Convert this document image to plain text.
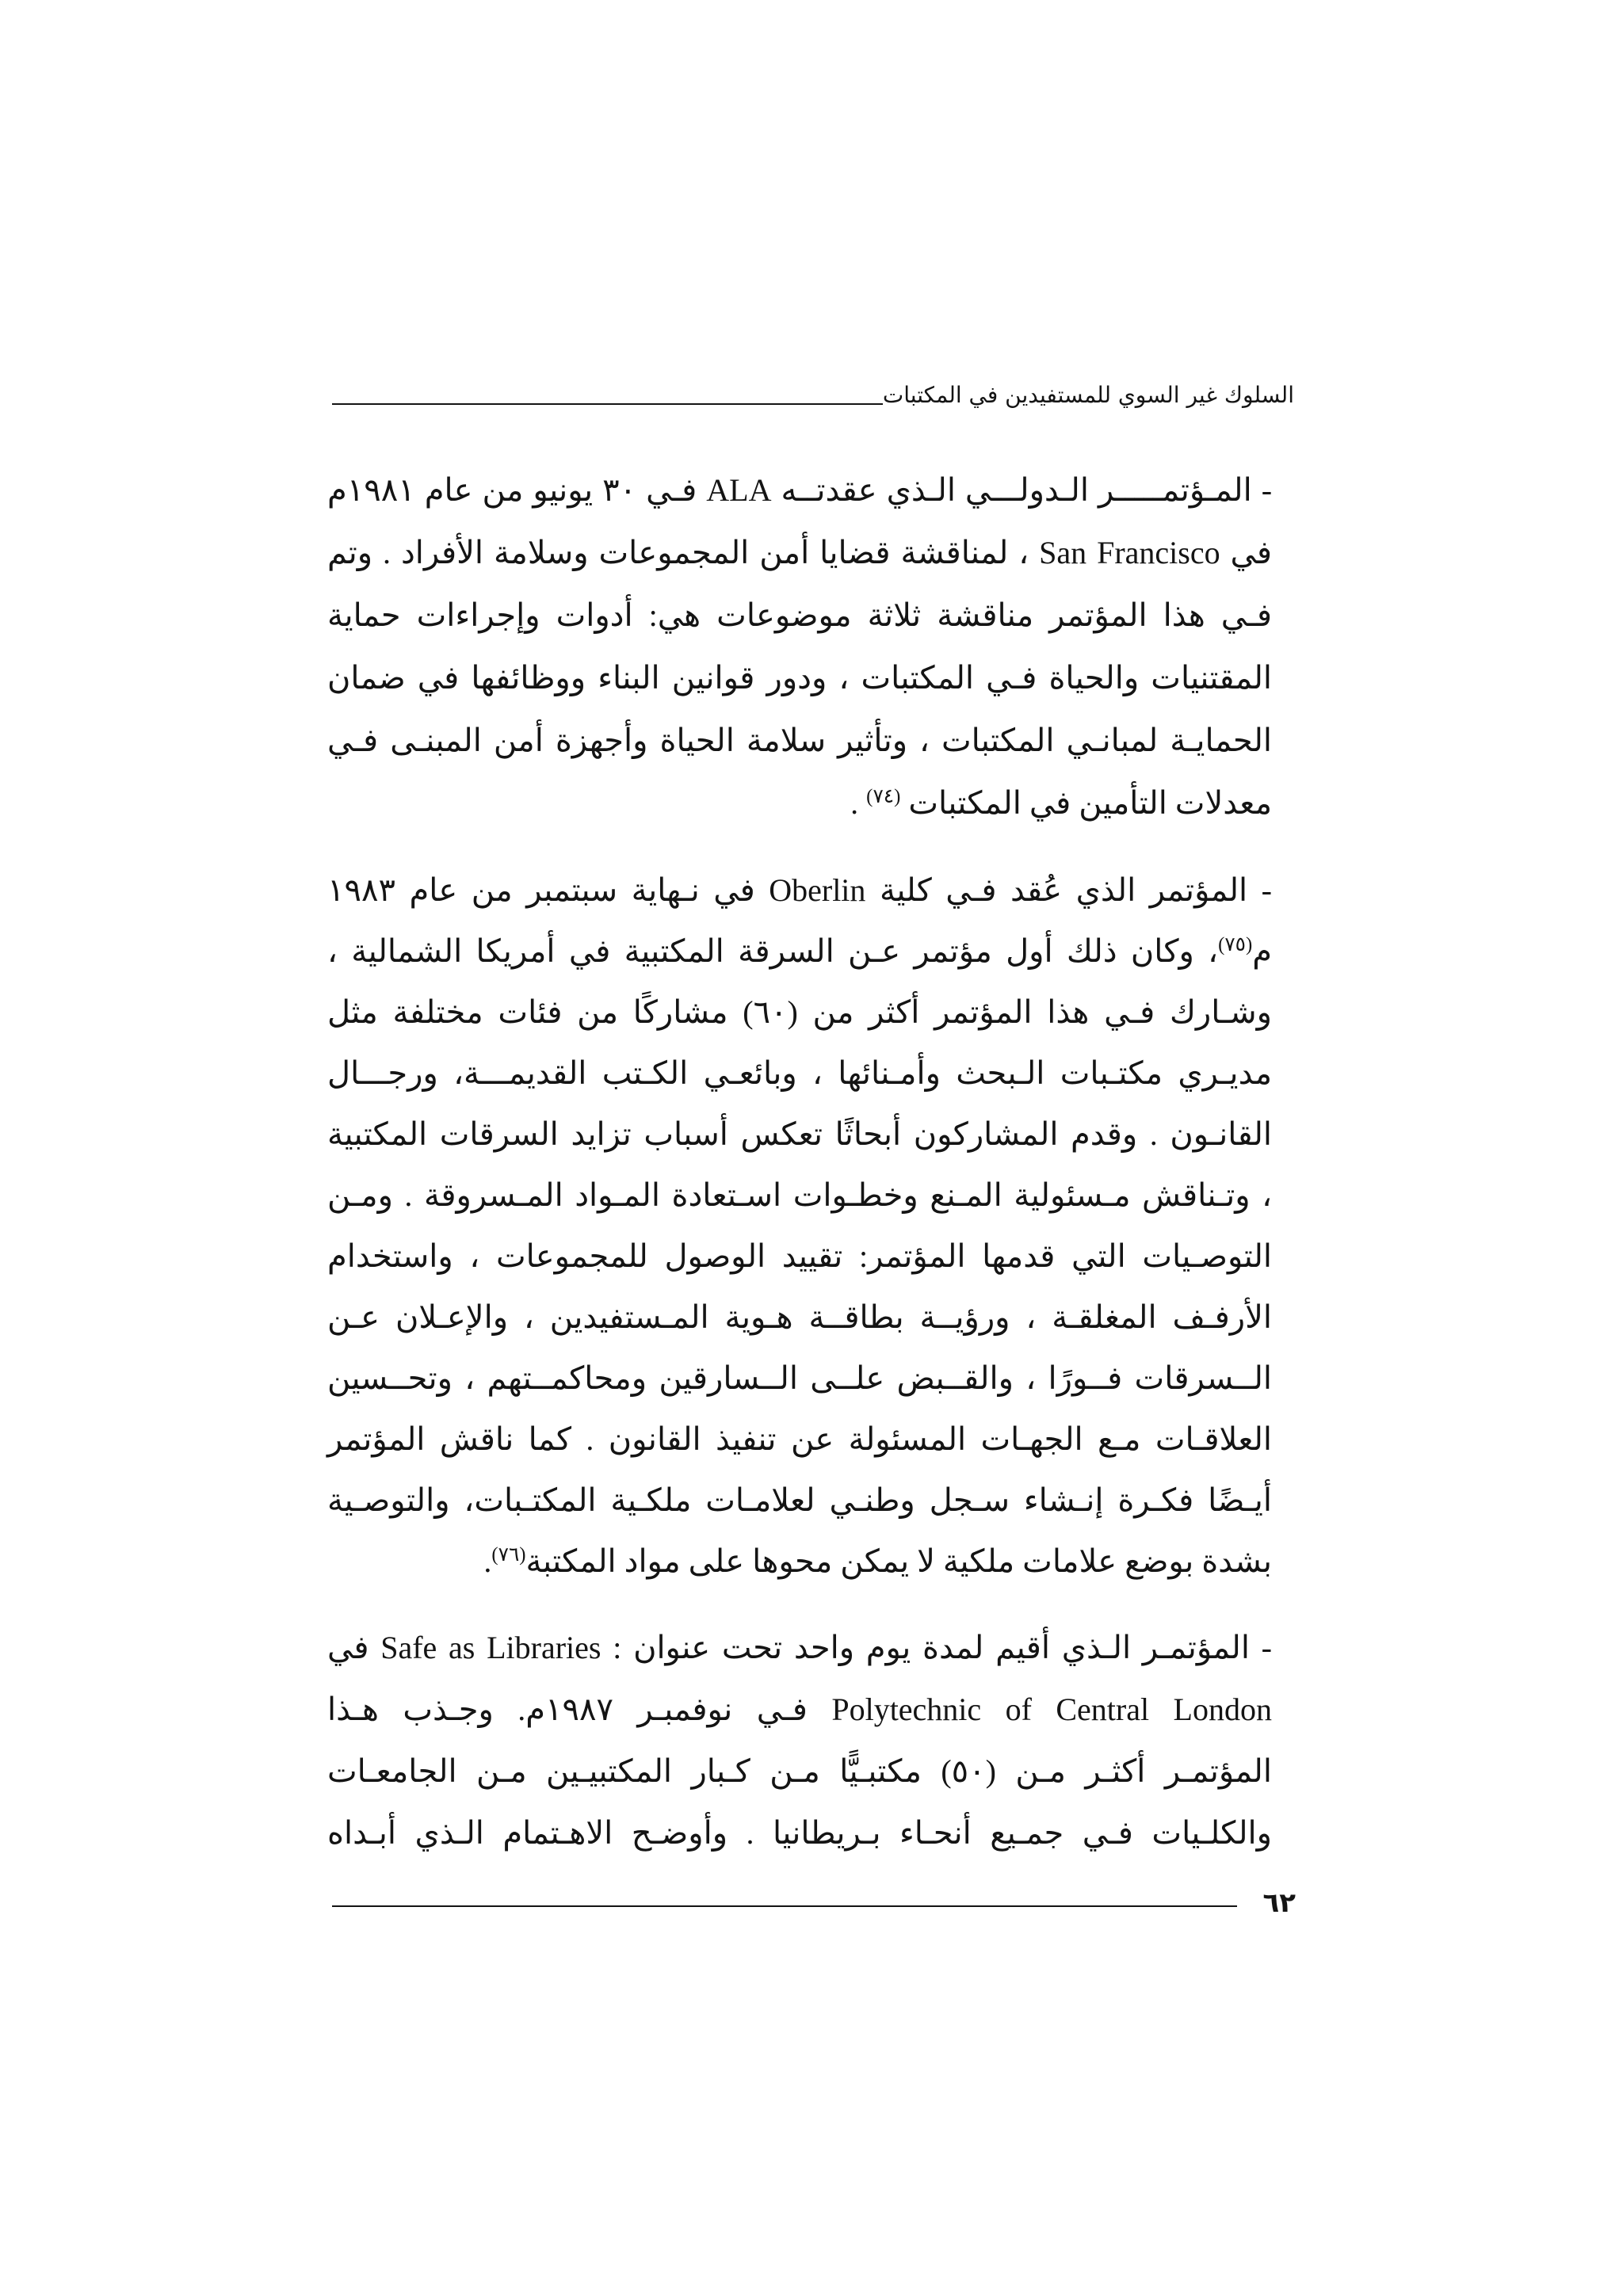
السلوك غير السوي للمستفيدين في المكتبات
- المـؤتمـــــر الـدولـــي الـذي عقدتــه ALA فـي ٣٠ يونيو من عام ١٩٨١م
في San Francisco ، لمناقشة قضايا أمن المجموعات وسلامة الأفراد . وتم
فـي هذا المؤتمر مناقشة ثلاثة موضوعات هي: أدوات وإجراءات حماية
المقتنيات والحياة فـي المكتبات ، ودور قوانين البناء ووظائفها في ضمان
الحمايـة لمبانـي المكتبات ، وتأثير سلامة الحياة وأجهزة أمن المبنـى فـي
معدلات التأمين في المكتبات $^{(٧٤)}$ .
- المؤتمر الذي عُقد فـي كلية Oberlin في نـهاية سبتمبر من عام ١٩٨٣
م$^{(٧٥)}$، وكان ذلك أول مؤتمر عـن السرقة المكتبية في أمريكا الشمالية ،
وشـارك فـي هذا المؤتمر أكثر من (٦٠) مشاركًا من فئات مختلفة مثل
مديـري مكتـبات الـبحث وأمـنائها ، وبائعـي الكـتب القديمـــة، ورجـــال
القانـون . وقدم المشاركون أبحاثًا تعكس أسباب تزايد السرقات المكتبية
، وتـناقش مـسئولية المـنع وخطـوات اسـتعادة المـواد المـسروقة . ومـن
التوصـيات التي قدمها المؤتمر: تقييد الوصول للمجموعات ، واستخدام
الأرفـف المغلقـة ، ورؤيــة بطاقــة هـوية المـستفيدين ، والإعـلان عـن
الــسرقات فــورًا ، والقــبض علــى الــسارقين ومحاكمــتهم ، وتحــسين
العلاقـات مـع الجهـات المسئولة عن تنفيذ القانون . كما ناقش المؤتمر
أيـضًا فكـرة إنـشاء سـجل وطنـي لعلامـات ملكـية المكتـبات، والتوصـية
بشدة بوضع علامات ملكية لا يمكن محوها على مواد المكتبة$^{(٧٦)}$.
- المؤتمـر الـذي أقيم لمدة يوم واحد تحت عنوان : Safe as Libraries في
Polytechnic of Central London فـي نوفمبـر ١٩٨٧م. وجـذب هـذا
المؤتمـر أكثـر مـن (٥٠) مكتبـيًّا مـن كـبار المكتبيـين مـن الجامعـات
والكلـيات فـي جمـيع أنحـاء بـريطانيا . وأوضـح الاهـتمام الـذي أبـداه
٦٢
